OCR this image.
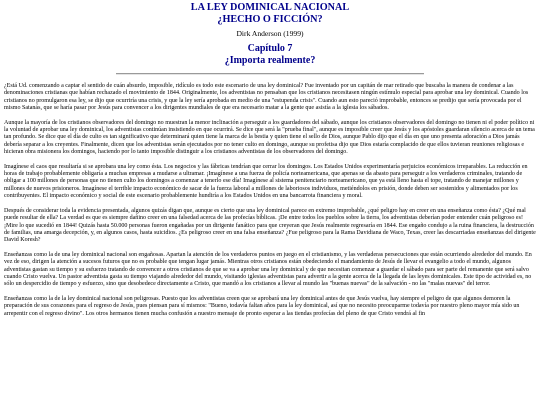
LA LEY DOMINICAL NACIONAL
¿HECHO O FICCIÓN?
Dirk Anderson (1999)
Capítulo 7
¿Importa realmente?

¿Está Ud. comenzando a captar el sentido de cuán absurdo, imposible, ridículo es todo este escenario de una ley dominical? Fue inventado por un capitán de mar retirado que buscaba la manera de condenar a las denominaciones cristianas que habían rechazado el movimiento de 1844. Originalmente, los adventistas no pensaban que los cristianos necesitasen ningún estímulo especial para aprobar una ley dominical. Cuando los cristianos no promulgaron esa ley, se dijo que ocurriría una crisis, y que la ley sería aprobada en medio de una "estupenda crisis". Cuando aun esto pareció improbable, entonces se predijo que sería provocada por el mismo Satanás, que se haría pasar por Jesús para convencer a los dirigentes mundiales de que era necesario matar a la gente que asistía a la iglesia los sábados.

Aunque la mayoría de los cristianos observadores del domingo no muestran la menor inclinación a perseguir a los guardadores del sábado, aunque los cristianos observadores del domingo no tienen ni el poder político ni la voluntad de aprobar una ley dominical, los adventistas continúan insistiendo en que ocurrirá. Se dice que será la "prueba final", aunque es imposible creer que Jesús y los apóstoles guardaran silencio acerca de un tema tan profundo. Se dice que el día de culto es tan significativo que determinará quien tiene la marca de la bestia y quien tiene el sello de Dios, aunque Pablo dijo que el día en que uno presenta adoración a Dios jamás debería separar a los creyentes. Finalmente, dicen que los adventistas serán ejecutados por no tener culto en domingo, aunque su profetisa dijo que Dios estaría complacido de que ellos tuvieran reuniones religiosas e hicieran obra misionera los domingos, haciendo por lo tanto imposible distinguir a los cristianos adventistas de los observadores del domingo.

Imagínese el caos que resultaría si se aprobara una ley como ésta. Los negocios y las fábricas tendrían que cerrar los domingos. Los Estados Unidos experimentaría perjuicios económicos irreparables. La reducción en horas de trabajo probablemente obligaría a muchas empresas a mudarse a ultramar. ¡Imagínese a una fuerza de policía norteamericana, que apenas se da abasto para perseguir a los verdaderos criminales, tratando de obligar a 100 millones de personas que no tienen culto los domingos a comenzar a tenerlo ese día! Imagínese al sistema penitenciario norteamericano, que ya está lleno hasta el tope, tratando de manejar millones y millones de nuevos prisioneros. Imagínese el terrible impacto económico de sacar de la fuerza laboral a millones de laboriosos individuos, metiéndolos en prisión, donde deben ser sostenidos y alimentados por los contribuyentes. El impacto económico y social de este escenario probablemente hundiría a los Estados Unidos en una bancarrota financiera y moral.

Después de considerar toda la evidencia presentada, algunos quizás digan que, aunque es cierto que una ley dominical parece en extremo improbable, ¿qué peligro hay en creer en una enseñanza como ésta? ¿Qué mal puede resultar de ella? La verdad es que es siempre dañino creer en una falsedad acerca de las profecías bíblicas. ¡De entre todos los pueblos sobre la tierra, los adventistas deberían poder entender cuán peligroso es! ¡Mire lo que sucedió en 1844! Quizás hasta 50.000 personas fueron engañadas por un dirigente fanático para que creyeran que Jesús realmente regresaría en 1844. Ese engaño condujo a la ruina financiera, la destrucción de familias, una amarga decepción, y, en algunos casos, hasta suicidios. ¿Es peligroso creer en una falsa enseñanza? ¿Fue peligroso para la Rama Davidiana de Waco, Texas, creer las descarriadas enseñanzas del dirigente David Koresh?

Enseñanzas como la de una ley dominical nacional son engañosas. Apartan la atención de los verdaderos puntos en juego en el cristianismo, y las verdaderas persecuciones que están ocurriendo alrededor del mundo. En vez de eso, dirigen la atención a sucesos futuros que no es probable que tengan lugar jamás. Mientras otros cristianos están obedeciendo el mandamiento de Jesús de llevar el evangelio a todo el mundo, algunos adventistas gastan su tiempo y su esfuerzo tratando de convencer a otros cristianos de que se va a aprobar una ley dominical y de que necesitan comenzar a guardar el sábado para ser parte del remanente que será salvo cuando Cristo vuelva. Un pastor adventista gasta su tiempo viajando alrededor del mundo, visitando iglesias adventistas para advertir a la gente acerca de la llegada de las leyes dominicales. Este tipo de actividad es, no sólo un despercidio de tiempo y esfuerzo, sino que desobedece directamente a Cristo, que mandó a los cristianos a llevar al mundo las "buenas nuevas" de la salvación - no las "malas nuevas" del terror.

Enseñanzas como la de la ley dominical nacional son peligrosas. Puesto que los adventistas creen que se aprobará una ley dominical antes de que Jesús vuelva, hay siempre el peligro de que algunos demoren la preparación de sus corazones para el regreso de Jesús, pues piensan para sí mismos: "Bueno, todavía faltan años para la ley dominical, así que no necesito preocuparme todavía por nuestro pleno mayor mía sido un arrepentir con el regreso divino". Los otros hermanos tienen mucha confusión a nuestro mensaje de pronto esperar a las tiendas profecías del pleno de que Cristo vendrá al fin
